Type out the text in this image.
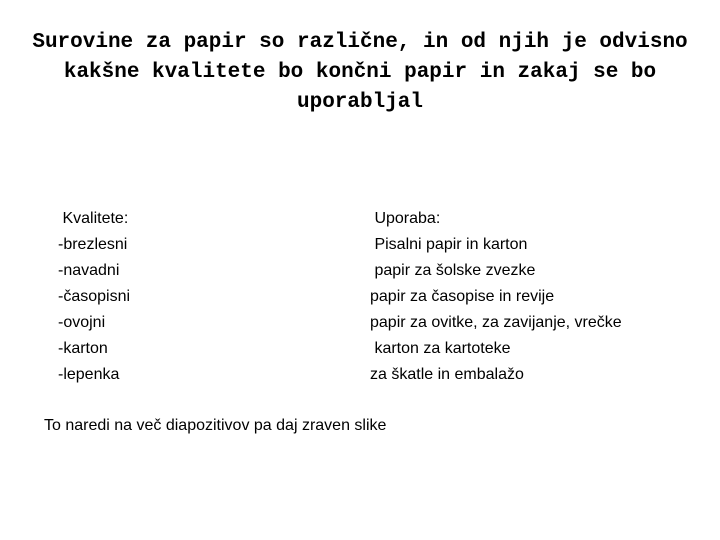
Surovine za papir so različne, in od njih je odvisno
kakšne kvalitete bo končni papir in zakaj se bo
uporabljal
Kvalitete:
-brezlesni
-navadni
-časopisni
-ovojni
-karton
-lepenka
Uporaba:
Pisalni papir in karton
papir za šolske zvezke
papir za časopise in revije
papir za ovitke, za zavijanje, vrečke
karton za kartoteke
za škatle in embalažo
To naredi na več diapozitivov pa daj zraven slike
